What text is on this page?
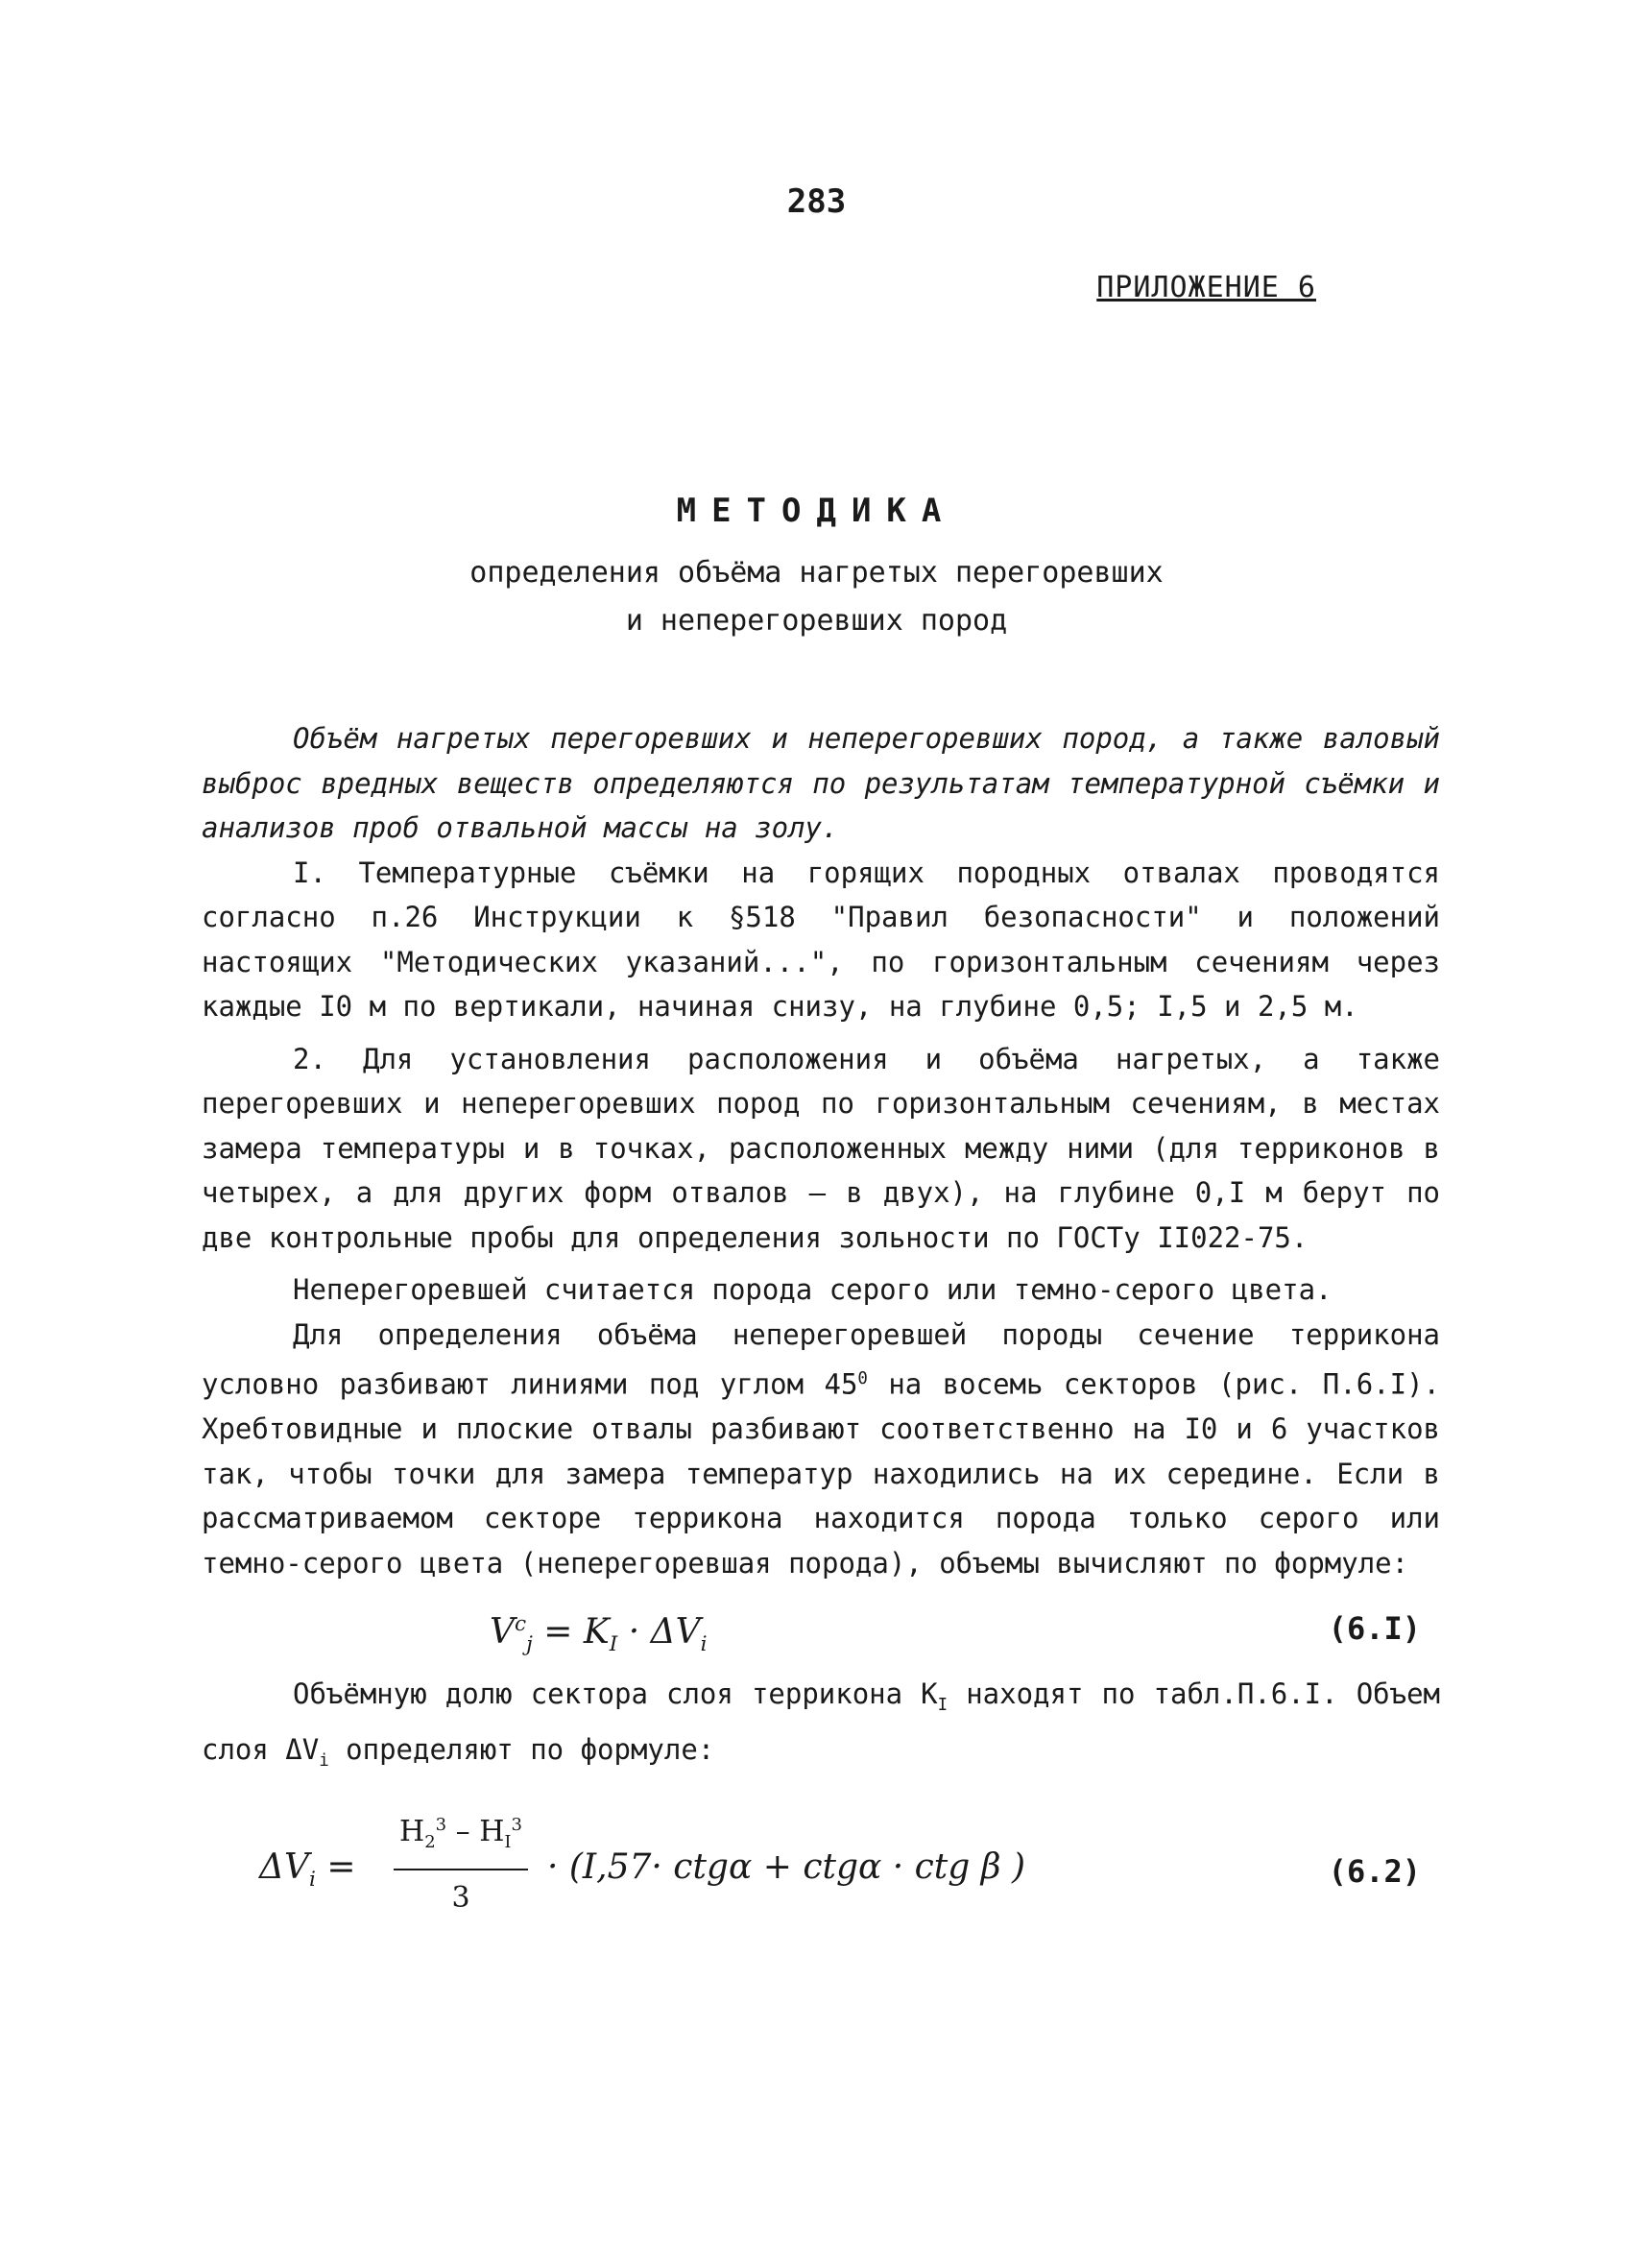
283
ПРИЛОЖЕНИЕ 6
МЕТОДИКА
определения объёма нагретых перегоревших
и неперегоревших пород

Объём нагретых перегоревших и неперегоревших пород, а также валовый выброс вредных веществ определяются по результатам температурной съёмки и анализов проб отвальной массы на золу.

I. Температурные съёмки на горящих породных отвалах проводятся согласно п.26 Инструкции к §518 "Правил безопасности" и положений настоящих "Методических указаний...", по горизонтальным сечениям через каждые I0 м по вертикали, начиная снизу, на глубине 0,5; I,5 и 2,5 м.

2. Для установления расположения и объёма нагретых, а также перегоревших и неперегоревших пород по горизонтальным сечениям, в местах замера температуры и в точках, расположенных между ними (для терриконов в четырех, а для других форм отвалов – в двух), на глубине 0,I м берут по две контрольные пробы для определения зольности по ГОСТу II022-75.

Неперегоревшей считается порода серого или темно-серого цвета.

Для определения объёма неперегоревшей породы сечение террикона условно разбивают линиями под углом $45^0$ на восемь секторов (рис. П.6.I). Хребтовидные и плоские отвалы разбивают соответственно на I0 и 6 участков так, чтобы точки для замера температур находились на их середине. Если в рассматриваемом секторе террикона находится порода только серого или темно-серого цвета (неперегоревшая порода), объемы вычисляют по формуле:

$V^c_j = K_I \cdot \Delta V_i$	(6.I)

Объёмную долю сектора слоя террикона $K_I$ находят по табл.П.6.I. Объем слоя $\Delta V_i$ определяют по формуле:

$\Delta V_i = \frac{H_2^3 - H_I^3}{3} \cdot (I,57\cdot ctg\alpha + ctg\alpha$ · ctg β )	(6.2)
